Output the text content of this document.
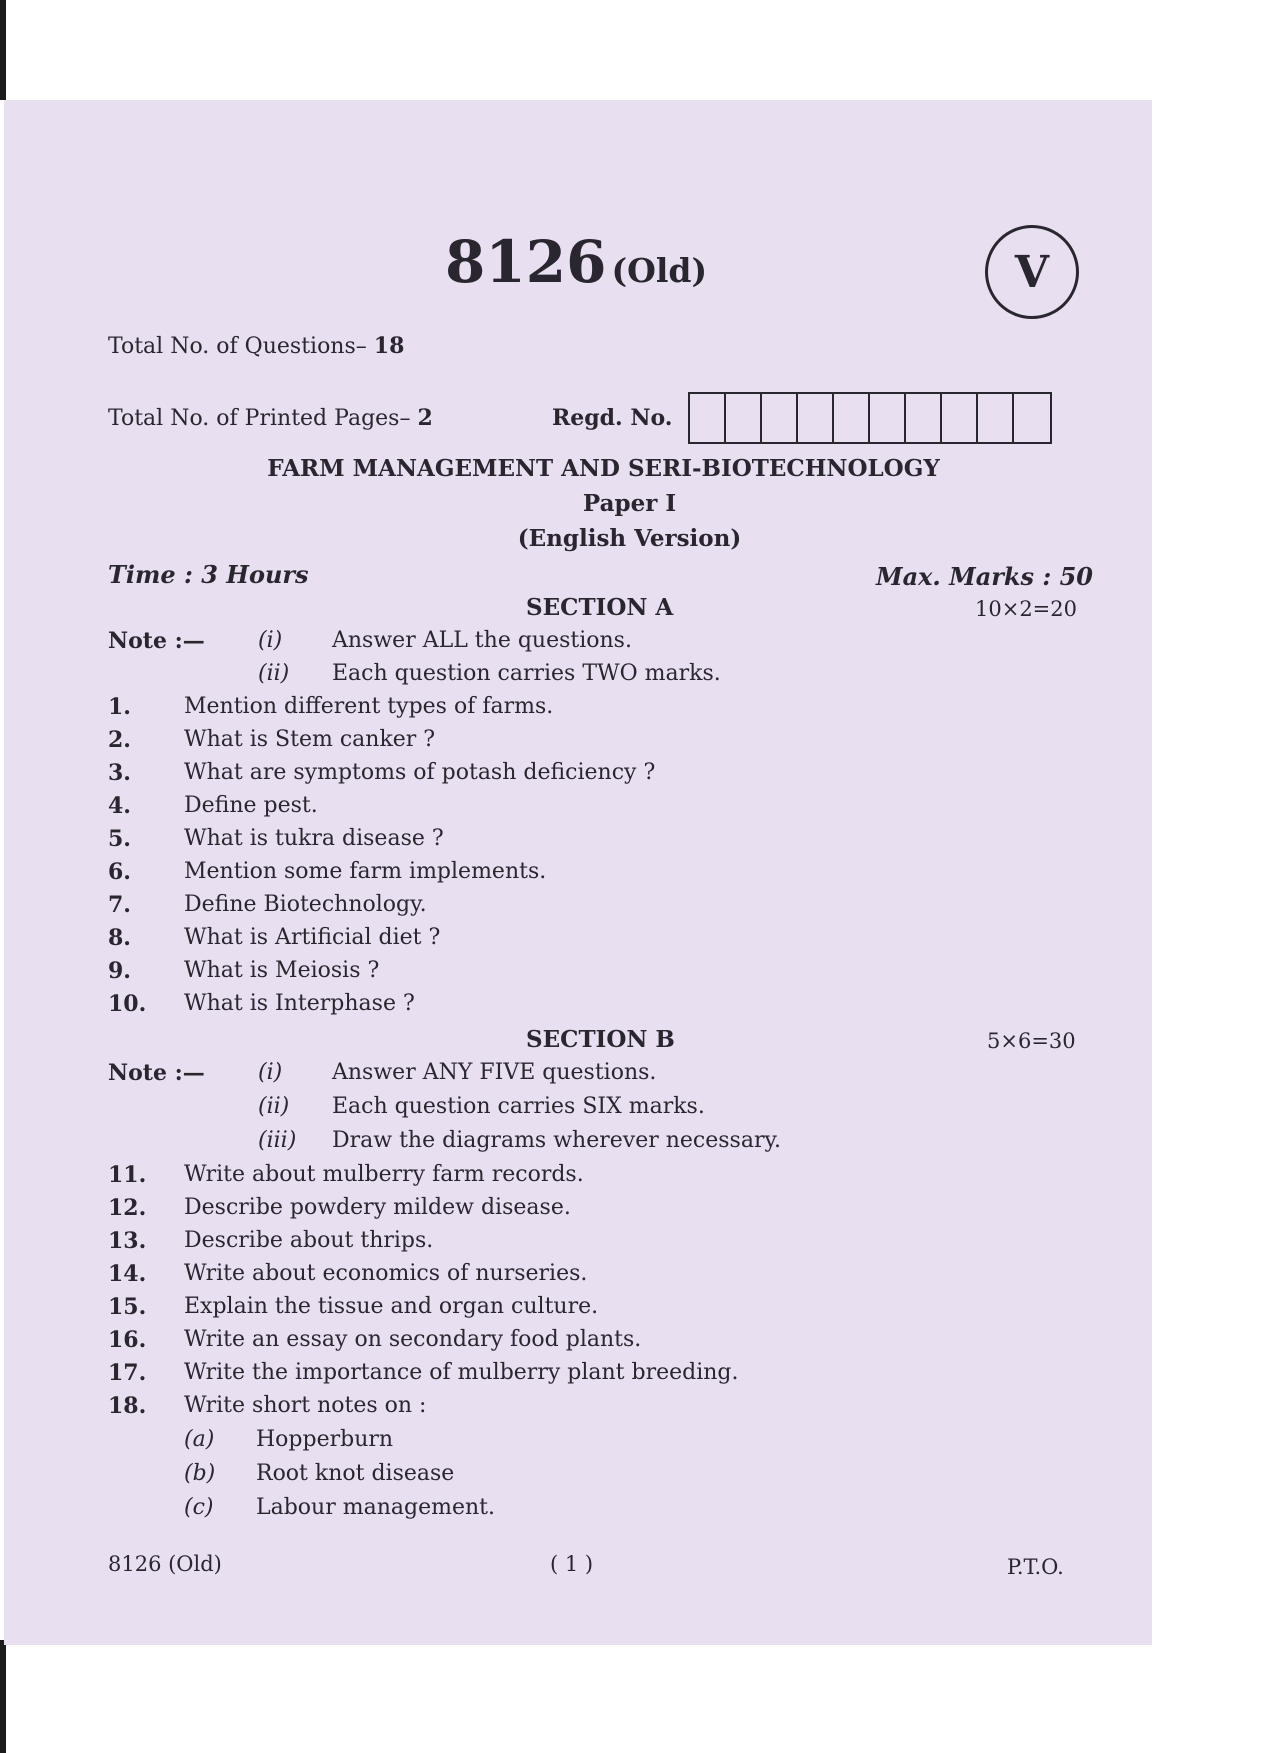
8126 (Old)	V
Total No. of Questions– 18
Total No. of Printed Pages– 2	Regd. No.
FARM MANAGEMENT AND SERI-BIOTECHNOLOGY
Paper I
(English Version)
Time : 3 Hours	Max. Marks : 50
SECTION A	10×2=20
Note :— (i) Answer ALL the questions.
(ii) Each question carries TWO marks.
1.	Mention different types of farms.
2.	What is Stem canker ?
3.	What are symptoms of potash deficiency ?
4.	Define pest.
5.	What is tukra disease ?
6.	Mention some farm implements.
7.	Define Biotechnology.
8.	What is Artificial diet ?
9.	What is Meiosis ?
10.	What is Interphase ?
SECTION B	5×6=30
Note :— (i) Answer ANY FIVE questions.
(ii) Each question carries SIX marks.
(iii) Draw the diagrams wherever necessary.
11.	Write about mulberry farm records.
12.	Describe powdery mildew disease.
13.	Describe about thrips.
14.	Write about economics of nurseries.
15.	Explain the tissue and organ culture.
16.	Write an essay on secondary food plants.
17.	Write the importance of mulberry plant breeding.
18.	Write short notes on :
(a) Hopperburn
(b) Root knot disease
(c) Labour management.
8126 (Old)	( 1 )	P.T.O.
